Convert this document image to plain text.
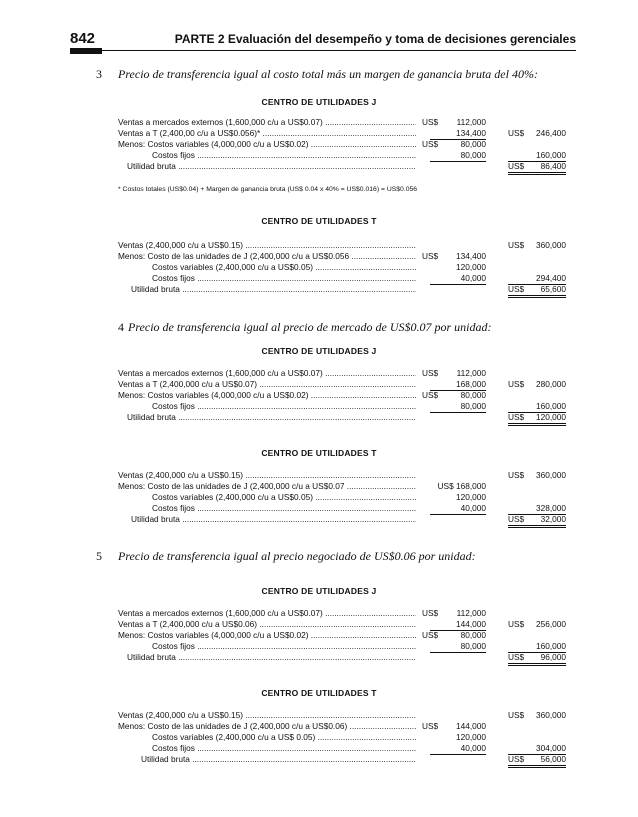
842	PARTE 2 Evaluación del desempeño y toma de decisiones gerenciales
3 Precio de transferencia igual al costo total más un margen de ganancia bruta del 40%:
CENTRO DE UTILIDADES J
Ventas a mercados externos (1,600,000 c/u a US$0.07) .....	US$	112,000
Ventas a T (2,400,00 c/u a US$0.056)* .....	134,400	US$	246,400
Menos: Costos variables (4,000,000 c/u a US$0.02) .....	US$	80,000
Costos fijos .....	80,000	160,000
Utilidad bruta .....	US$	86,400
* Costos totales (US$0.04) + Margen de ganancia bruta (US$ 0.04 x 40% = US$0.016) = US$0.056
CENTRO DE UTILIDADES T
Ventas (2,400,000 c/u a US$0.15) .....	US$	360,000
Menos: Costo de las unidades de J (2,400,000 c/u a US$0.056 .....	US$	134,400
Costos variables (2,400,000 c/u a US$0.05) .....	120,000
Costos fijos .....	40,000	294,400
Utilidad bruta .....	US$	65,600
4 Precio de transferencia igual al precio de mercado de US$0.07 por unidad:
CENTRO DE UTILIDADES J
Ventas a mercados externos (1,600,000 c/u a US$0.07) .....	US$	112,000
Ventas a T (2,400,000 c/u a US$0.07) .....	168,000	US$	280,000
Menos: Costos variables (4,000,000 c/u a US$0.02) .....	US$	80,000
Costos fijos .....	80,000	160,000
Utilidad bruta .....	US$	120,000
CENTRO DE UTILIDADES T
Ventas (2,400,000 c/u a US$0.15) .....	US$	360,000
Menos: Costo de las unidades de J (2,400,000 c/u a US$0.07 .....	US$ 168,000
Costos variables (2,400,000 c/u a US$0.05) .....	120,000
Costos fijos .....	40,000	328,000
Utilidad bruta .....	US$	32,000
5 Precio de transferencia igual al precio negociado de US$0.06 por unidad:
CENTRO DE UTILIDADES J
Ventas a mercados externos (1,600,000 c/u a US$0.07) .....	US$	112,000
Ventas a T (2,400,000 c/u a US$0.06) .....	144,000	US$	256,000
Menos: Costos variables (4,000,000 c/u a US$0.02) .....	US$	80,000
Costos fijos .....	80,000	160,000
Utilidad bruta .....	US$	96,000
CENTRO DE UTILIDADES T
Ventas (2,400,000 c/u a US$0.15) .....	US$	360,000
Menos: Costo de las unidades de J (2,400,000 c/u a US$0.06) .....	US$	144,000
Costos variables (2,400,000 c/u a US$ 0.05) .....	120,000
Costos fijos .....	40,000	304,000
Utilidad bruta .....	US$	56,000
